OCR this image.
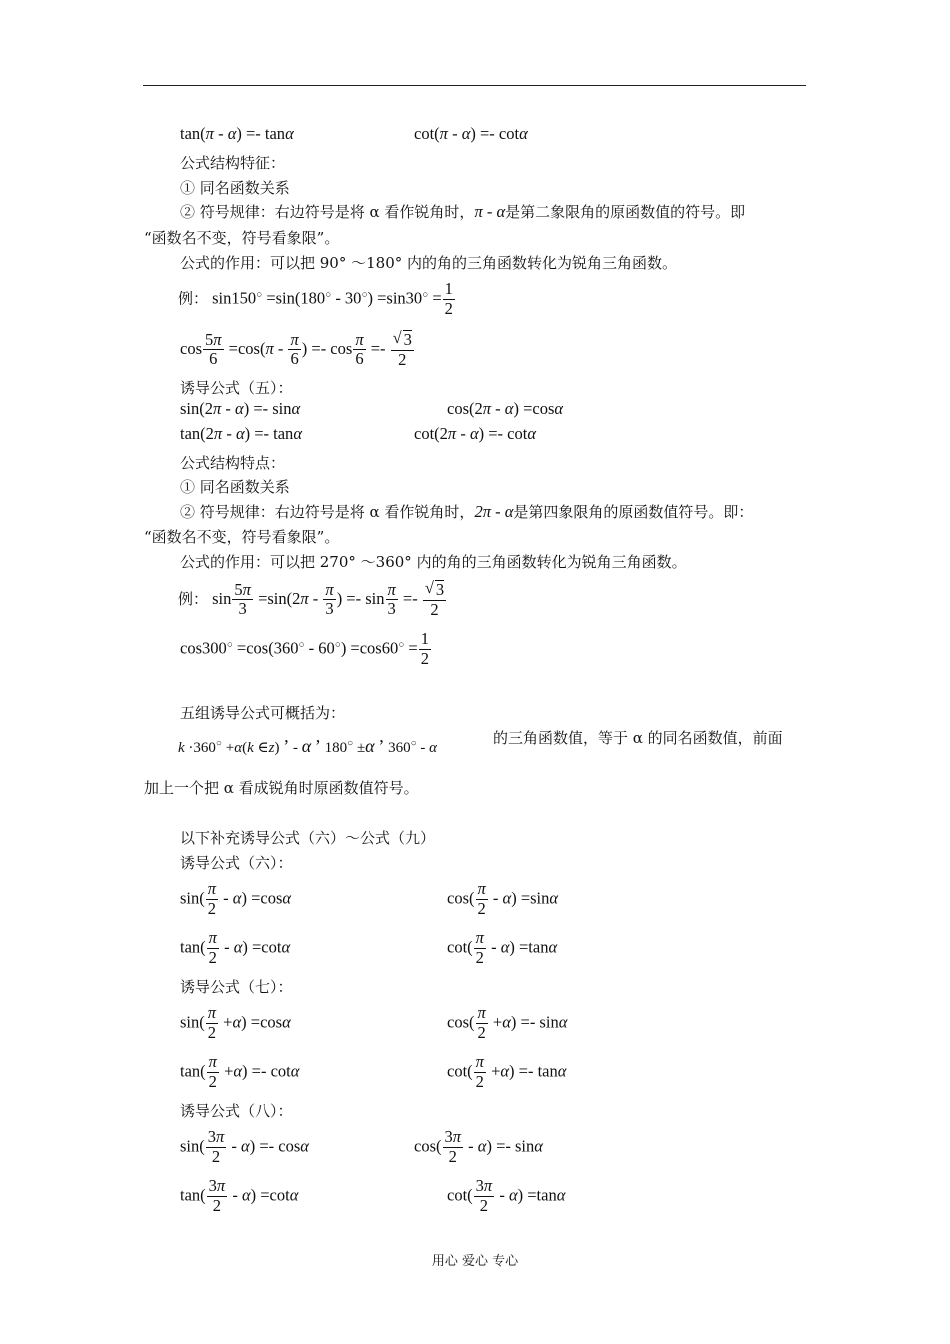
tan(π - α) =- tanα	cot(π - α) =- cotα
公式结构特征：
① 同名函数关系
② 符号规律：右边符号是将 α 看作锐角时，π - α是第二象限角的原函数值的符号。即
“函数名不变，符号看象限”。
公式的作用：可以把 90° ～180° 内的角的三角函数转化为锐角三角函数。
例： $\sin 150^○ =\sin(180^○ - 30^○) =\sin 30^○ = \frac{1}{2}$
$\cos \frac{5\pi}{6} =\cos(\pi - \frac{\pi}{6}$ ) =- $\cos \frac{\pi}{6}$ =- √ $\frac{3}{2}$
诱导公式（五）：
sin(2π - α) =- sinα	cos(2π - α) =cosα
tan(2π - α) =- tanα	cot(2π - α) =- cotα
公式结构特点：
① 同名函数关系
② 符号规律：右边符号是将 α 看作锐角时，2π - α是第四象限角的原函数值符号。即：
“函数名不变，符号看象限”。
公式的作用：可以把 270° ～360° 内的角的三角函数转化为锐角三角函数。
例： $\sin \frac{5\pi}{3} =\sin(2\pi - \frac{\pi}{3}$ ) =- $\sin \frac{\pi}{3}$ =- √ $\frac{3}{2}$
$\cos 300^○ =\cos(360^○ - 60^○) =\cos 60^○ = \frac{1}{2}$
五组诱导公式可概括为：
k ·360○ +α(k ∈z) ’ - α ’ 180○ ±α ’ 360○ - α
的三角函数值，等于 α 的同名函数值，前面
加上一个把 α 看成锐角时原函数值符号。
以下补充诱导公式（六）～公式（九）
诱导公式（六）：
$\sin( \frac{\pi}{2} - \alpha) =\cos\alpha$	$\cos( \frac{\pi}{2} - \alpha) =\sin\alpha$
$\tan( \frac{\pi}{2} - \alpha) =\cot\alpha$	$\cot( \frac{\pi}{2} - \alpha) =\tan\alpha$
诱导公式（七）：
$\sin( \frac{\pi}{2} +\alpha) =\cos\alpha$	$\cos( \frac{\pi}{2} +\alpha) =- \sin\alpha$
$\tan( \frac{\pi}{2} +\alpha) =- \cot\alpha$	$\cot( \frac{\pi}{2} +\alpha) =- \tan\alpha$
诱导公式（八）：
$\sin( \frac{3\pi}{2} - \alpha) =- \cos\alpha$	$\cos( \frac{3\pi}{2} - \alpha) =- \sin\alpha$
$\tan( \frac{3\pi}{2} - \alpha) =\cot\alpha$	$\cot( \frac{3\pi}{2} - \alpha) =\tan\alpha$
用心 爱心 专心
